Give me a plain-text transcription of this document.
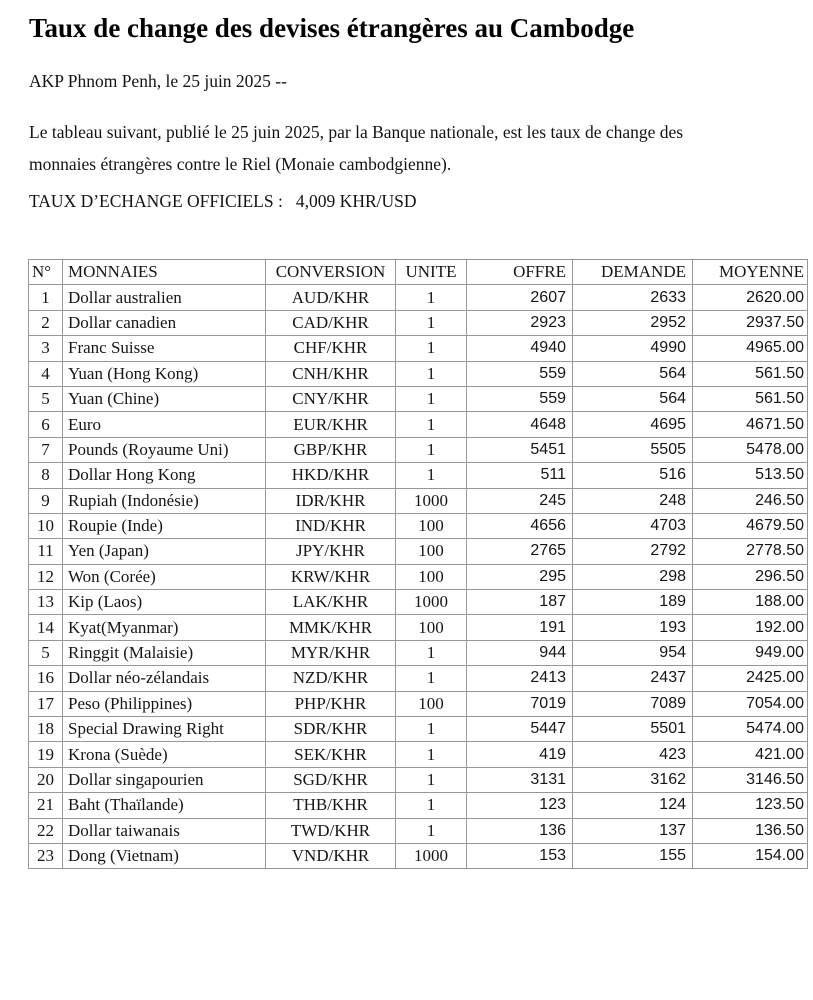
Taux de change des devises étrangères au Cambodge
AKP Phnom Penh, le 25 juin 2025 --
Le tableau suivant, publié le 25 juin 2025, par la Banque nationale, est les taux de change des
monnaies étrangères contre le Riel (Monaie cambodgienne).
TAUX D’ECHANGE OFFICIELS :   4,009 KHR/USD
N°	MONNAIES	CONVERSION	UNITE	OFFRE	DEMANDE	MOYENNE
1	Dollar australien	AUD/KHR	1	2607	2633	2620.00
2	Dollar canadien	CAD/KHR	1	2923	2952	2937.50
3	Franc Suisse	CHF/KHR	1	4940	4990	4965.00
4	Yuan (Hong Kong)	CNH/KHR	1	559	564	561.50
5	Yuan (Chine)	CNY/KHR	1	559	564	561.50
6	Euro	EUR/KHR	1	4648	4695	4671.50
7	Pounds (Royaume Uni)	GBP/KHR	1	5451	5505	5478.00
8	Dollar Hong Kong	HKD/KHR	1	511	516	513.50
9	Rupiah (Indonésie)	IDR/KHR	1000	245	248	246.50
10	Roupie (Inde)	IND/KHR	100	4656	4703	4679.50
11	Yen (Japan)	JPY/KHR	100	2765	2792	2778.50
12	Won (Corée)	KRW/KHR	100	295	298	296.50
13	Kip (Laos)	LAK/KHR	1000	187	189	188.00
14	Kyat(Myanmar)	MMK/KHR	100	191	193	192.00
5	Ringgit (Malaisie)	MYR/KHR	1	944	954	949.00
16	Dollar néo-zélandais	NZD/KHR	1	2413	2437	2425.00
17	Peso (Philippines)	PHP/KHR	100	7019	7089	7054.00
18	Special Drawing Right	SDR/KHR	1	5447	5501	5474.00
19	Krona (Suède)	SEK/KHR	1	419	423	421.00
20	Dollar singapourien	SGD/KHR	1	3131	3162	3146.50
21	Baht (Thaïlande)	THB/KHR	1	123	124	123.50
22	Dollar taiwanais	TWD/KHR	1	136	137	136.50
23	Dong (Vietnam)	VND/KHR	1000	153	155	154.00
